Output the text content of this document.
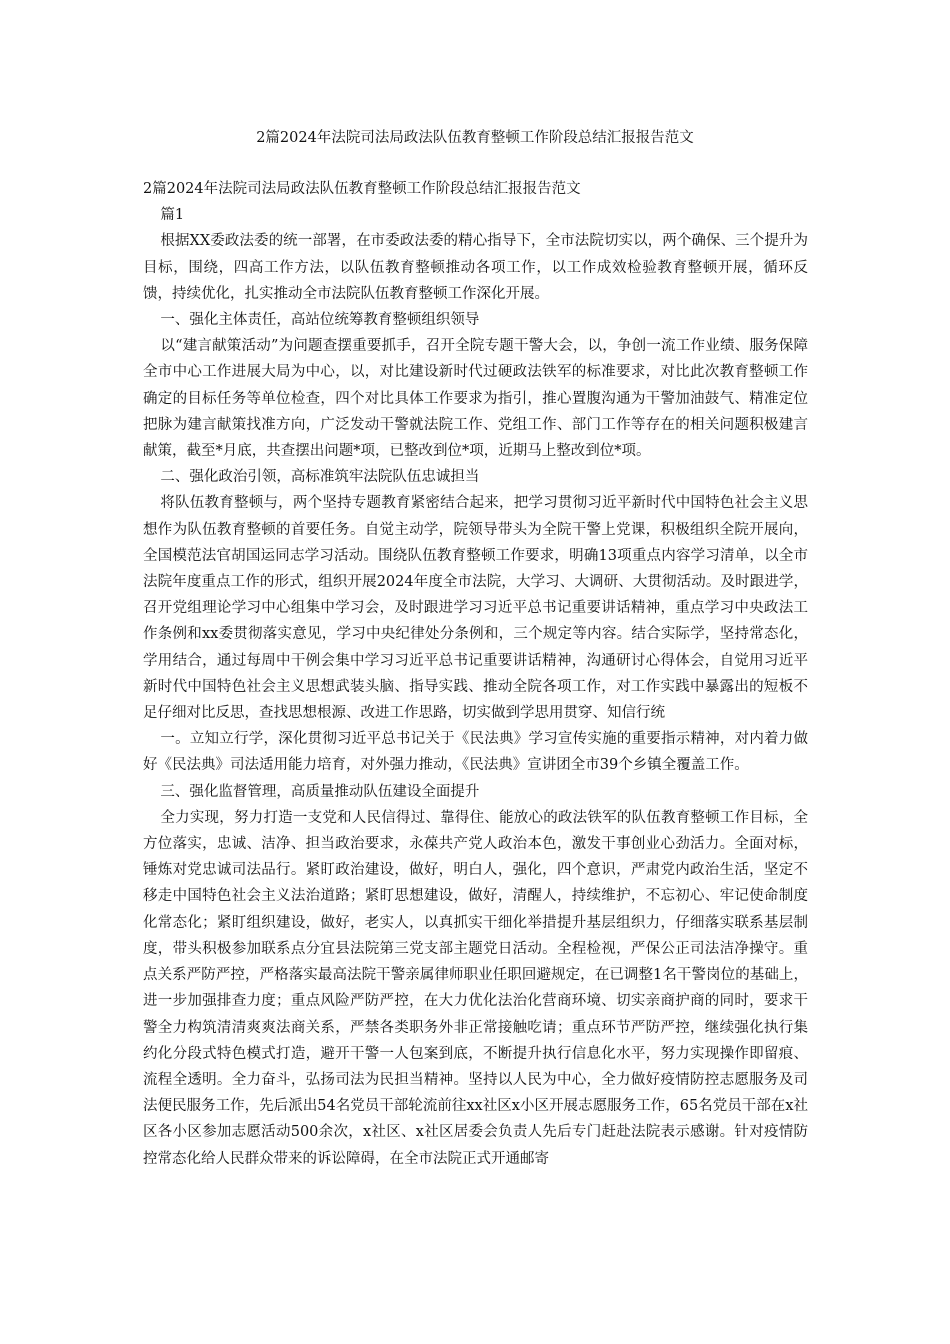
2篇2024年法院司法局政法队伍教育整顿工作阶段总结汇报报告范文

2篇2024年法院司法局政法队伍教育整顿工作阶段总结汇报报告范文

篇1

根据XX委政法委的统一部署，在市委政法委的精心指导下，全市法院切实以，两个确保、三个提升为目标，围绕，四高工作方法，以队伍教育整顿推动各项工作，以工作成效检验教育整顿开展，循环反馈，持续优化，扎实推动全市法院队伍教育整顿工作深化开展。

一、强化主体责任，高站位统筹教育整顿组织领导

以“建言献策活动”为问题查摆重要抓手，召开全院专题干警大会，以，争创一流工作业绩、服务保障全市中心工作进展大局为中心，以，对比建设新时代过硬政法铁军的标准要求，对比此次教育整顿工作确定的目标任务等单位检查，四个对比具体工作要求为指引，推心置腹沟通为干警加油鼓气、精准定位把脉为建言献策找准方向，广泛发动干警就法院工作、党组工作、部门工作等存在的相关问题积极建言献策，截至*月底，共查摆出问题*项，已整改到位*项，近期马上整改到位*项。

二、强化政治引领，高标准筑牢法院队伍忠诚担当

将队伍教育整顿与，两个坚持专题教育紧密结合起来，把学习贯彻习近平新时代中国特色社会主义思想作为队伍教育整顿的首要任务。自觉主动学，院领导带头为全院干警上党课，积极组织全院开展向，全国模范法官胡国运同志学习活动。围绕队伍教育整顿工作要求，明确13项重点内容学习清单，以全市法院年度重点工作的形式，组织开展2024年度全市法院，大学习、大调研、大贯彻活动。及时跟进学，召开党组理论学习中心组集中学习会，及时跟进学习习近平总书记重要讲话精神，重点学习中央政法工作条例和xx委贯彻落实意见，学习中央纪律处分条例和，三个规定等内容。结合实际学，坚持常态化，学用结合，通过每周中干例会集中学习习近平总书记重要讲话精神，沟通研讨心得体会，自觉用习近平新时代中国特色社会主义思想武装头脑、指导实践、推动全院各项工作，对工作实践中暴露出的短板不足仔细对比反思，查找思想根源、改进工作思路，切实做到学思用贯穿、知信行统

一。立知立行学，深化贯彻习近平总书记关于《民法典》学习宣传实施的重要指示精神，对内着力做好《民法典》司法适用能力培育，对外强力推动，《民法典》宣讲团全市39个乡镇全覆盖工作。

三、强化监督管理，高质量推动队伍建设全面提升

全力实现，努力打造一支党和人民信得过、靠得住、能放心的政法铁军的队伍教育整顿工作目标，全方位落实，忠诚、洁净、担当政治要求，永葆共产党人政治本色，激发干事创业心劲活力。全面对标，锤炼对党忠诚司法品行。紧盯政治建设，做好，明白人，强化，四个意识，严肃党内政治生活，坚定不移走中国特色社会主义法治道路；紧盯思想建设，做好，清醒人，持续维护，不忘初心、牢记使命制度化常态化；紧盯组织建设，做好，老实人，以真抓实干细化举措提升基层组织力，仔细落实联系基层制度，带头积极参加联系点分宜县法院第三党支部主题党日活动。全程检视，严保公正司法洁净操守。重点关系严防严控，严格落实最高法院干警亲属律师职业任职回避规定，在已调整1名干警岗位的基础上，进一步加强排查力度；重点风险严防严控，在大力优化法治化营商环境、切实亲商护商的同时，要求干警全力构筑清清爽爽法商关系，严禁各类职务外非正常接触吃请；重点环节严防严控，继续强化执行集约化分段式特色模式打造，避开干警一人包案到底，不断提升执行信息化水平，努力实现操作即留痕、流程全透明。全力奋斗，弘扬司法为民担当精神。坚持以人民为中心，全力做好疫情防控志愿服务及司法便民服务工作，先后派出54名党员干部轮流前往xx社区x小区开展志愿服务工作，65名党员干部在x社区各小区参加志愿活动500余次，x社区、x社区居委会负责人先后专门赶赴法院表示感谢。针对疫情防控常态化给人民群众带来的诉讼障碍，在全市法院正式开通邮寄
